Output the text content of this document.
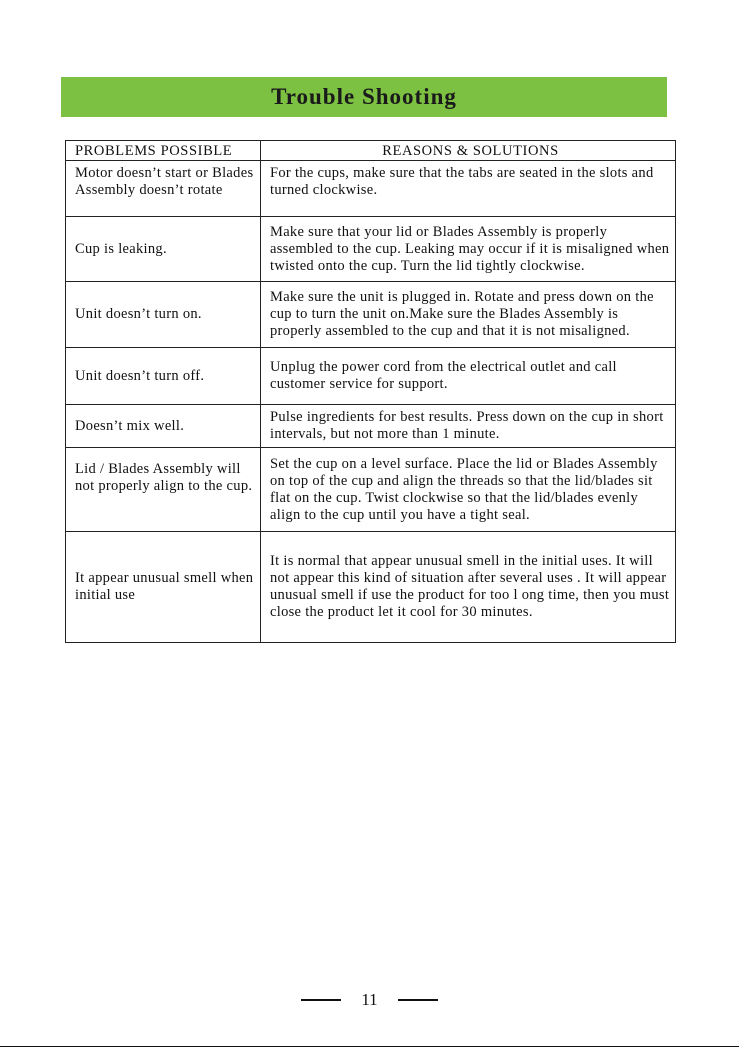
Trouble Shooting
PROBLEMS POSSIBLE	REASONS & SOLUTIONS
Motor doesn’t start or Blades Assembly doesn’t rotate	For the cups, make sure that the tabs are seated in the slots and turned clockwise.
Cup is leaking.	Make sure that your lid or Blades Assembly is properly assembled to the cup. Leaking may occur if it is misaligned when twisted onto the cup. Turn the lid tightly clockwise.
Unit doesn’t turn on.	Make sure the unit is plugged in. Rotate and press down on the cup to turn the unit on.Make sure the Blades Assembly is properly assembled to the cup and that it is not misaligned.
Unit doesn’t turn off.	Unplug the power cord from the electrical outlet and call customer service for support.
Doesn’t mix well.	Pulse ingredients for best results. Press down on the cup in short intervals, but not more than 1 minute.
Lid / Blades Assembly will not properly align to the cup.	Set the cup on a level surface. Place the lid or Blades Assembly on top of the cup and align the threads so that the lid/blades sit flat on the cup. Twist clockwise so that the lid/blades evenly align to the cup until you have a tight seal.
It appear unusual smell when initial use	It is normal that appear unusual smell in the initial uses. It will not appear this kind of situation after several uses . It will appear unusual smell if use the product for too l ong time, then you must close the product let it cool for 30 minutes.
11
